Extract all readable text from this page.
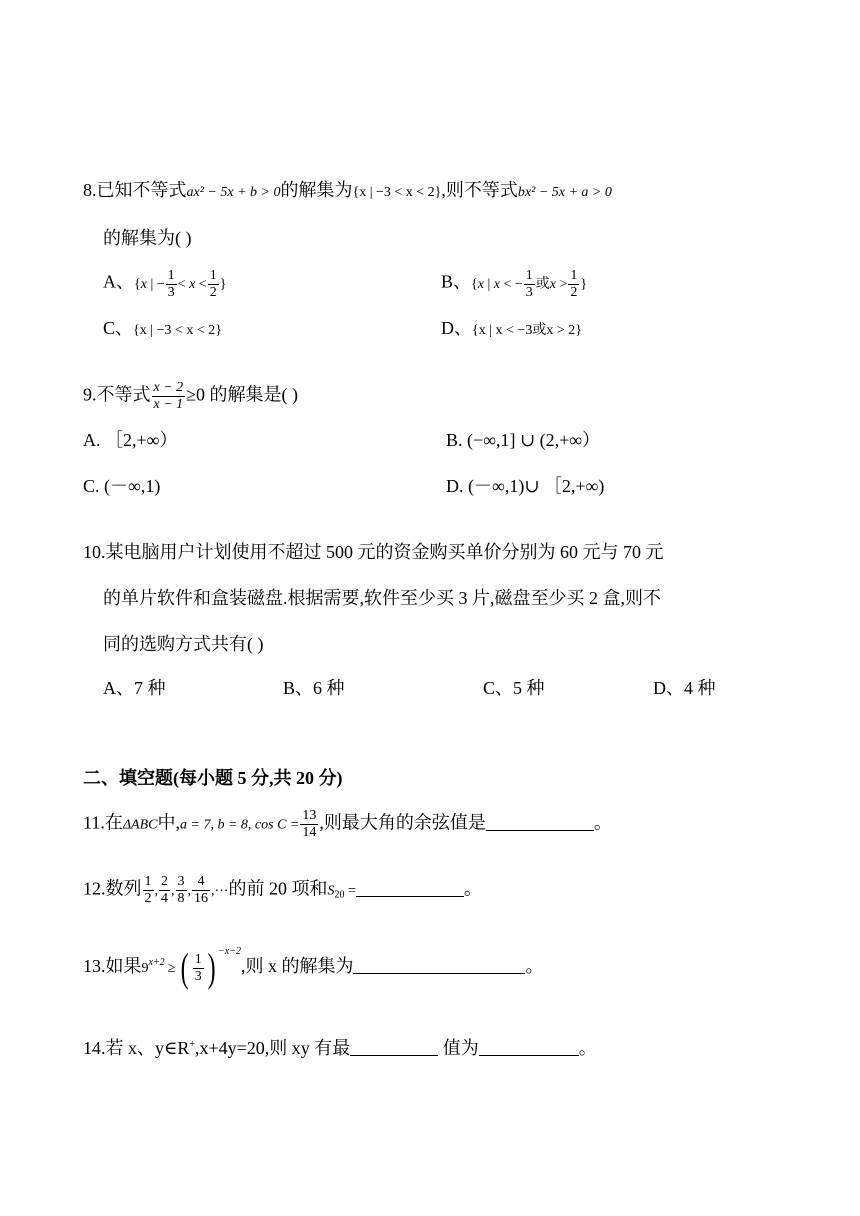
8.已知不等式ax² − 5x + b > 0的解集为{x | −3 < x < 2},则不等式bx² − 5x + a > 0
的解集为( )
A、{x | − $\frac{1}{3} < x < \frac{1}{2}$ }	B、{x | x < − $\frac{1}{3}$ 或$x > \frac{1}{2}$ }
C、{x | −3 < x < 2}	D、{x | x < −3或x > 2}
9.不等式 $\frac{x - 2}{x - 1} \ge 0$ 的解集是( )
A. ［2,+∞）	B. (−∞,1] ∪ (2,+∞）
C. (－∞,1)	D. (－∞,1)∪ ［2,+∞)
10.某电脑用户计划使用不超过 500 元的资金购买单价分别为 60 元与 70 元
的单片软件和盒装磁盘.根据需要,软件至少买 3 片,磁盘至少买 2 盒,则不
同的选购方式共有( )
A、7 种	B、6 种	C、5 种	D、4 种
二、填空题(每小题 5 分,共 20 分)
11.在ΔABC中,a = 7, b = 8, $\cos C = \frac{13}{14}$ ,则最大角的余弦值是	。
12.数列 $\frac{1}{2}$ , $\frac{2}{4}$ , $\frac{3}{8}$ , $\frac{4}{16}$ ,⋯的前 20 项和$S_{20}$ =	。
13.如果$9^{x+2}$ ≥ ( $\frac{1}{3}$ ) $^{-x-2}$,则 x 的解集为	。
14.若 x、y∈R+,x+4y=20,则 xy 有最	值为	。
